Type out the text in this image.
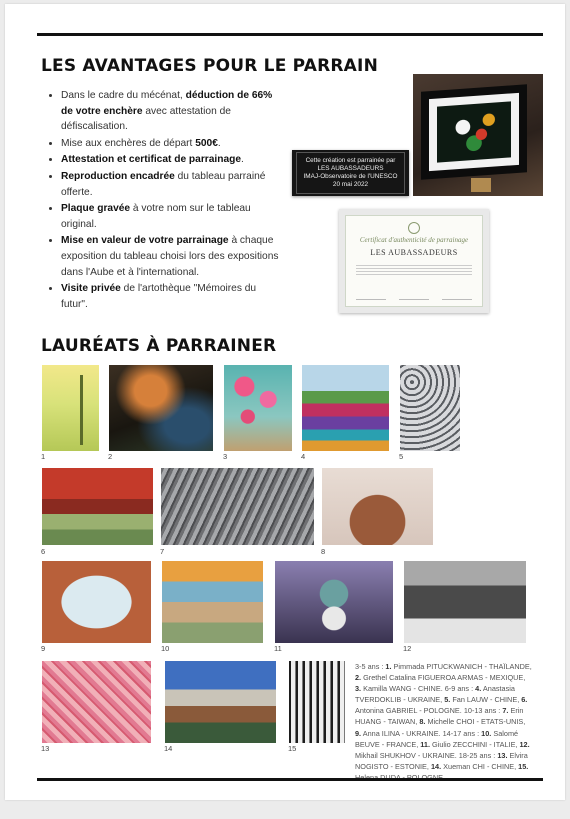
LES AVANTAGES POUR LE PARRAIN
• Dans le cadre du mécénat, déduction de 66% de votre enchère avec attestation de défiscalisation.
• Mise aux enchères de départ 500€.
• Attestation et certificat de parrainage.
• Reproduction encadrée du tableau parrainé offerte.
• Plaque gravée à votre nom sur le tableau original.
• Mise en valeur de votre parrainage à chaque exposition du tableau choisi lors des expositions dans l'Aube et à l'international.
• Visite privée de l'artothèque "Mémoires du futur".
Cette création est parrainée par
LES AUBASSADEURS
IMAJ-Observatoire de l'UNESCO
20 mai 2022
Certificat d'authenticité de parrainage
LES AUBASSADEURS
LAURÉATS À PARRAINER
1	2	3	4	5
6	7	8
9	10	11	12
13	14	15
3-5 ans : 1. Pimmada PITUCKWANICH - THAÏLANDE, 2. Grethel Catalina FIGUEROA ARMAS - MEXIQUE, 3. Kamilla WANG - CHINE. 6-9 ans : 4. Anastasia TVERDOKLIB - UKRAINE, 5. Fan LAUW - CHINE, 6. Antonina GABRIEL - POLOGNE. 10-13 ans : 7. Erin HUANG - TAIWAN, 8. Michelle CHOI - ETATS-UNIS, 9. Anna ILINA - UKRAINE. 14-17 ans : 10. Salomé BEUVE - FRANCE, 11. Giulio ZECCHINI - ITALIE, 12. Mikhail SHUKHOV - UKRAINE. 18-25 ans : 13. Elvira NOGISTO - ESTONIE, 14. Xueman CHI - CHINE, 15.
